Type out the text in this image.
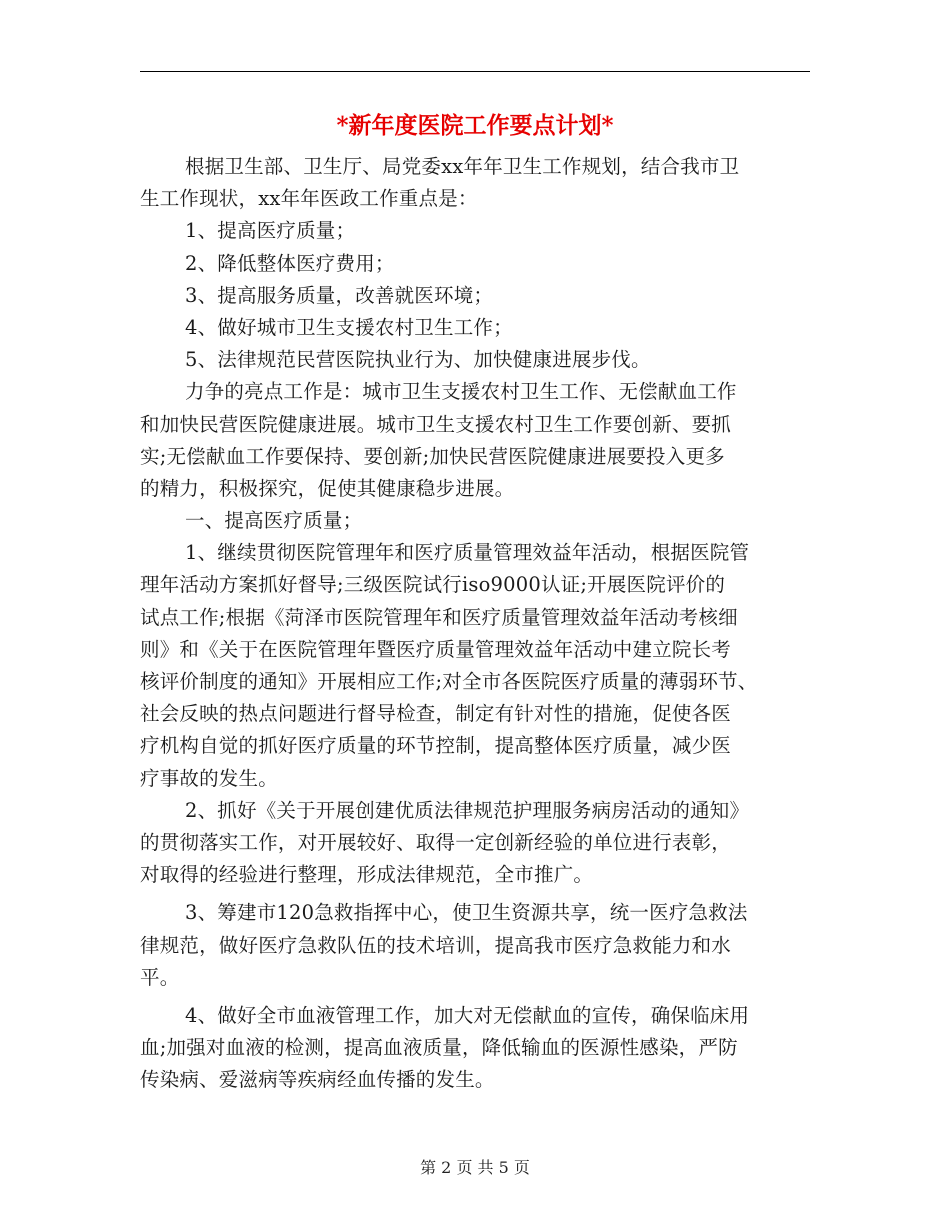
*新年度医院工作要点计划*
根据卫生部、卫生厅、局党委xx年年卫生工作规划，结合我市卫
生工作现状，xx年年医政工作重点是：
1、提高医疗质量；
2、降低整体医疗费用；
3、提高服务质量，改善就医环境；
4、做好城市卫生支援农村卫生工作；
5、法律规范民营医院执业行为、加快健康进展步伐。
力争的亮点工作是：城市卫生支援农村卫生工作、无偿献血工作
和加快民营医院健康进展。城市卫生支援农村卫生工作要创新、要抓
实;无偿献血工作要保持、要创新;加快民营医院健康进展要投入更多
的精力，积极探究，促使其健康稳步进展。
一、提高医疗质量；
1、继续贯彻医院管理年和医疗质量管理效益年活动，根据医院管
理年活动方案抓好督导;三级医院试行iso9000认证;开展医院评价的
试点工作;根据《菏泽市医院管理年和医疗质量管理效益年活动考核细
则》和《关于在医院管理年暨医疗质量管理效益年活动中建立院长考
核评价制度的通知》开展相应工作;对全市各医院医疗质量的薄弱环节、
社会反映的热点问题进行督导检查，制定有针对性的措施，促使各医
疗机构自觉的抓好医疗质量的环节控制，提高整体医疗质量，减少医
疗事故的发生。
2、抓好《关于开展创建优质法律规范护理服务病房活动的通知》
的贯彻落实工作，对开展较好、取得一定创新经验的单位进行表彰，
对取得的经验进行整理，形成法律规范，全市推广。
3、筹建市120急救指挥中心，使卫生资源共享，统一医疗急救法
律规范，做好医疗急救队伍的技术培训，提高我市医疗急救能力和水
平。
4、做好全市血液管理工作，加大对无偿献血的宣传，确保临床用
血;加强对血液的检测，提高血液质量，降低输血的医源性感染，严防
传染病、爱滋病等疾病经血传播的发生。
第 2 页 共 5 页
